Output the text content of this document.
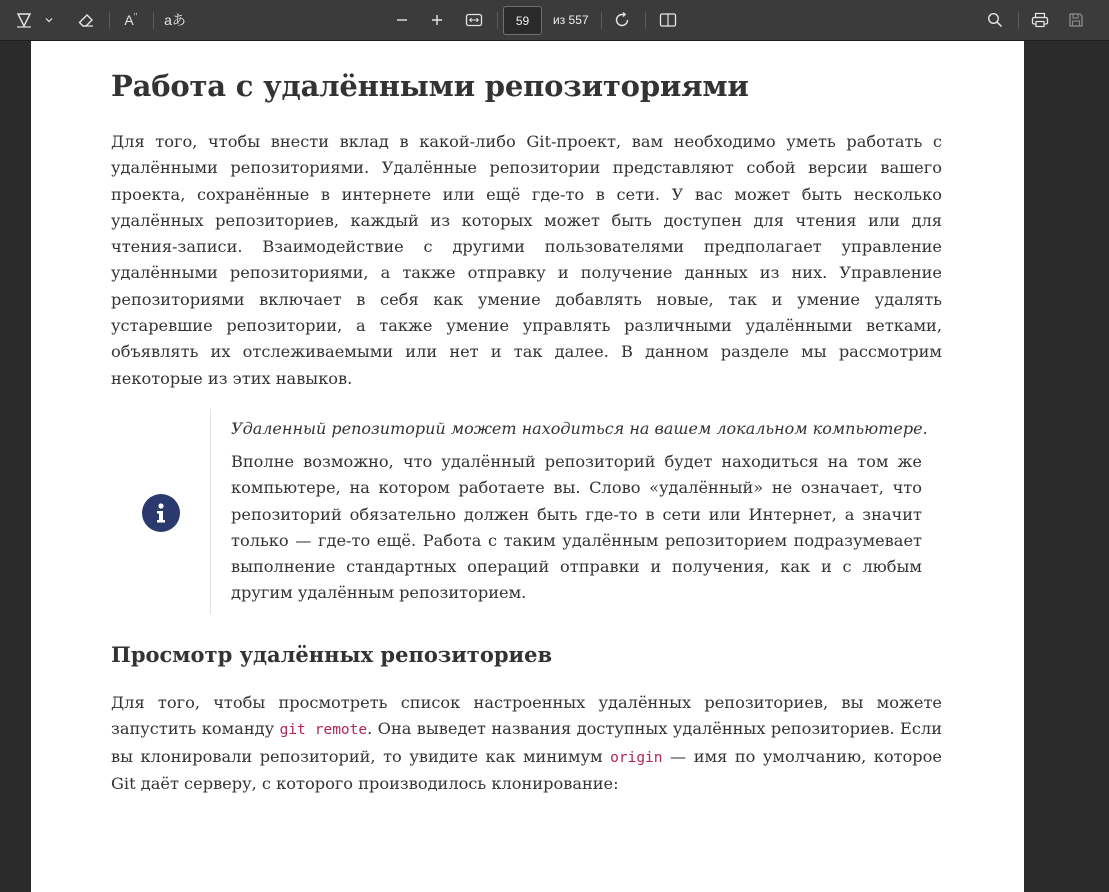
$A^{ʼʼ}$ aあ
59	из 557
Работа с удалёнными репозиториями

Для того, чтобы внести вклад в какой-либо Git-проект, вам необходимо уметь работать с удалёнными репозиториями. Удалённые репозитории представляют собой версии вашего проекта, сохранённые в интернете или ещё где-то в сети. У вас может быть несколько удалённых репозиториев, каждый из которых может быть доступен для чтения или для чтения-записи. Взаимодействие с другими пользователями предполагает управление удалёнными репозиториями, а также отправку и получение данных из них. Управление репозиториями включает в себя как умение добавлять новые, так и умение удалять устаревшие репозитории, а также умение управлять различными удалёнными ветками, объявлять их отслеживаемыми или нет и так далее. В данном разделе мы рассмотрим некоторые из этих навыков.

Удаленный репозиторий может находиться на вашем локальном компьютере.

Вполне возможно, что удалённый репозиторий будет находиться на том же компьютере, на котором работаете вы. Слово «удалённый» не означает, что репозиторий обязательно должен быть где-то в сети или Интернет, а значит только — где-то ещё. Работа с таким удалённым репозиторием подразумевает выполнение стандартных операций отправки и получения, как и с любым другим удалённым репозиторием.

Просмотр удалённых репозиториев

Для того, чтобы просмотреть список настроенных удалённых репозиториев, вы можете запустить команду git remote. Она выведет названия доступных удалённых репозиториев. Если вы клонировали репозиторий, то увидите как минимум origin — имя по умолчанию, которое Git даёт серверу, с которого производилось клонирование:
